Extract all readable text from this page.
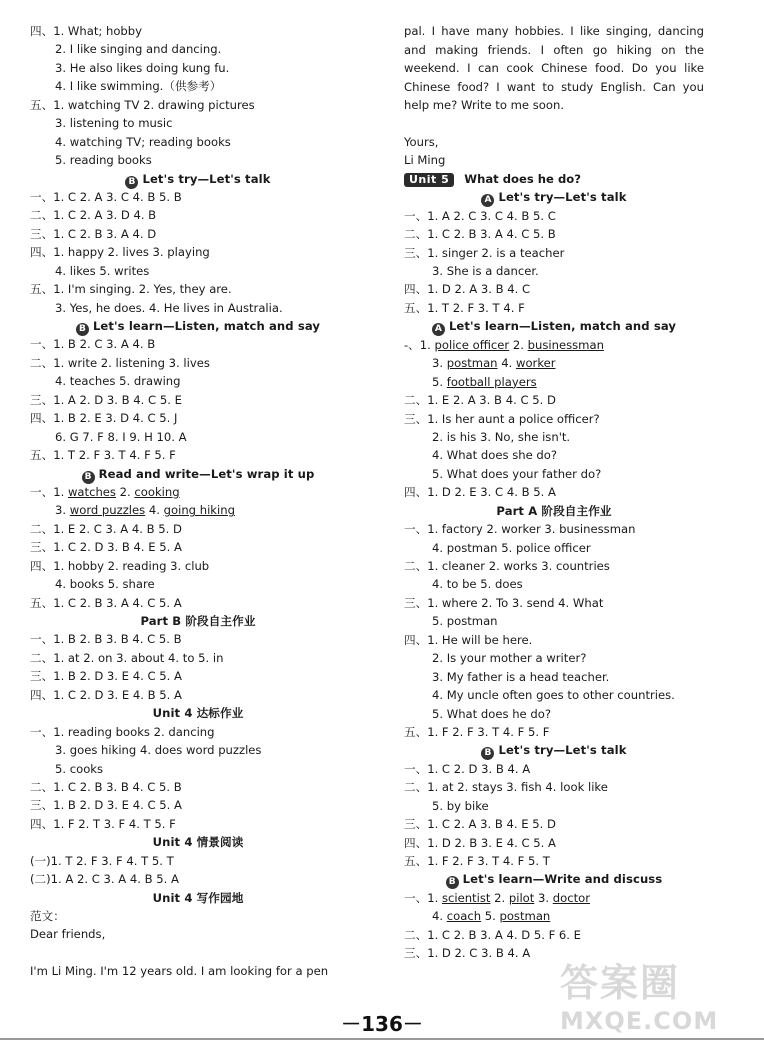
四、1. What; hobby
2. I like singing and dancing.
3. He also likes doing kung fu.
4. I like swimming.（供参考）
五、1. watching TV 2. drawing pictures
3. listening to music
4. watching TV; reading books
5. reading books
B Let's try—Let's talk
一、1. C 2. A 3. C 4. B 5. B
二、1. C 2. A 3. D 4. B
三、1. C 2. B 3. A 4. D
四、1. happy 2. lives 3. playing
4. likes 5. writes
五、1. I'm singing. 2. Yes, they are.
3. Yes, he does. 4. He lives in Australia.
B Let's learn—Listen, match and say
一、1. B 2. C 3. A 4. B
二、1. write 2. listening 3. lives
4. teaches 5. drawing
三、1. A 2. D 3. B 4. C 5. E
四、1. B 2. E 3. D 4. C 5. J
6. G 7. F 8. I 9. H 10. A
五、1. T 2. F 3. T 4. F 5. F
B Read and write—Let's wrap it up
一、1. watches 2. cooking
3. word puzzles 4. going hiking
二、1. E 2. C 3. A 4. B 5. D
三、1. C 2. D 3. B 4. E 5. A
四、1. hobby 2. reading 3. club
4. books 5. share
五、1. C 2. B 3. A 4. C 5. A
Part B 阶段自主作业
一、1. B 2. B 3. B 4. C 5. B
二、1. at 2. on 3. about 4. to 5. in
三、1. B 2. D 3. E 4. C 5. A
四、1. C 2. D 3. E 4. B 5. A
Unit 4 达标作业
一、1. reading books 2. dancing
3. goes hiking 4. does word puzzles
5. cooks
二、1. C 2. B 3. B 4. C 5. B
三、1. B 2. D 3. E 4. C 5. A
四、1. F 2. T 3. F 4. T 5. F
Unit 4 情景阅读
(一)1. T 2. F 3. F 4. T 5. T
(二)1. A 2. C 3. A 4. B 5. A
Unit 4 写作园地
范文：
Dear friends,
I'm Li Ming. I'm 12 years old. I am looking for a pen

pal. I have many hobbies. I like singing, dancing and making friends. I often go hiking on the weekend. I can cook Chinese food. Do you like Chinese food? I want to study English. Can you help me? Write to me soon.

Yours,
Li Ming
Unit 5 What does he do?
A Let's try—Let's talk
一、1. A 2. C 3. C 4. B 5. C
二、1. C 2. B 3. A 4. C 5. B
三、1. singer 2. is a teacher
3. She is a dancer.
四、1. D 2. A 3. B 4. C
五、1. T 2. F 3. T 4. F
A Let's learn—Listen, match and say
-、1. police officer 2. businessman
3. postman 4. worker
5. football players
二、1. E 2. A 3. B 4. C 5. D
三、1. Is her aunt a police officer?
2. is his 3. No, she isn't.
4. What does she do?
5. What does your father do?
四、1. D 2. E 3. C 4. B 5. A
Part A 阶段自主作业
一、1. factory 2. worker 3. businessman
4. postman 5. police officer
二、1. cleaner 2. works 3. countries
4. to be 5. does
三、1. where 2. To 3. send 4. What
5. postman
四、1. He will be here.
2. Is your mother a writer?
3. My father is a head teacher.
4. My uncle often goes to other countries.
5. What does he do?
五、1. F 2. F 3. T 4. F 5. F
B Let's try—Let's talk
一、1. C 2. D 3. B 4. A
二、1. at 2. stays 3. fish 4. look like
5. by bike
三、1. C 2. A 3. B 4. E 5. D
四、1. D 2. B 3. E 4. C 5. A
五、1. F 2. F 3. T 4. F 5. T
B Let's learn—Write and discuss
一、1. scientist 2. pilot 3. doctor
4. coach 5. postman
二、1. C 2. B 3. A 4. D 5. F 6. E
三、1. D 2. C 3. B 4. A
－136－
答案圈
MXQE.COM
